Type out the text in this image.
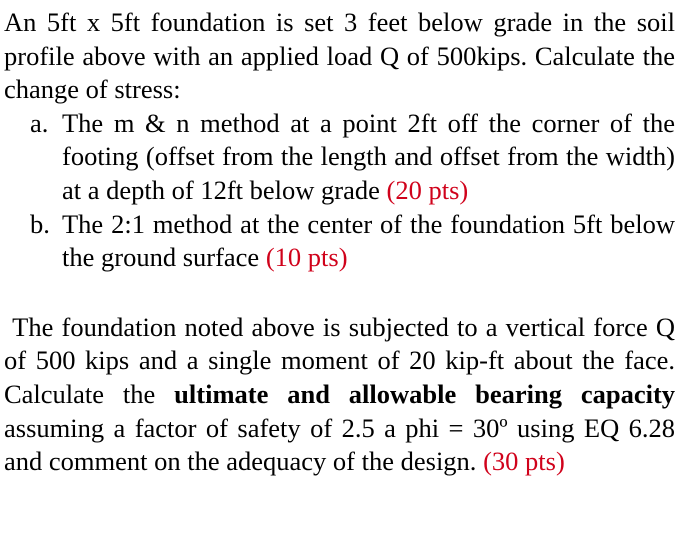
An 5ft x 5ft foundation is set 3 feet below grade in the soil profile above with an applied load Q of 500kips. Calculate the change of stress:

a. The m & n method at a point 2ft off the corner of the footing (offset from the length and offset from the width) at a depth of 12ft below grade (20 pts)
b. The 2:1 method at the center of the foundation 5ft below the ground surface (10 pts)

The foundation noted above is subjected to a vertical force Q of 500 kips and a single moment of 20 kip-ft about the face. Calculate the ultimate and allowable bearing capacity assuming a factor of safety of 2.5 a phi = 30º using EQ 6.28 and comment on the adequacy of the design. (30 pts)
